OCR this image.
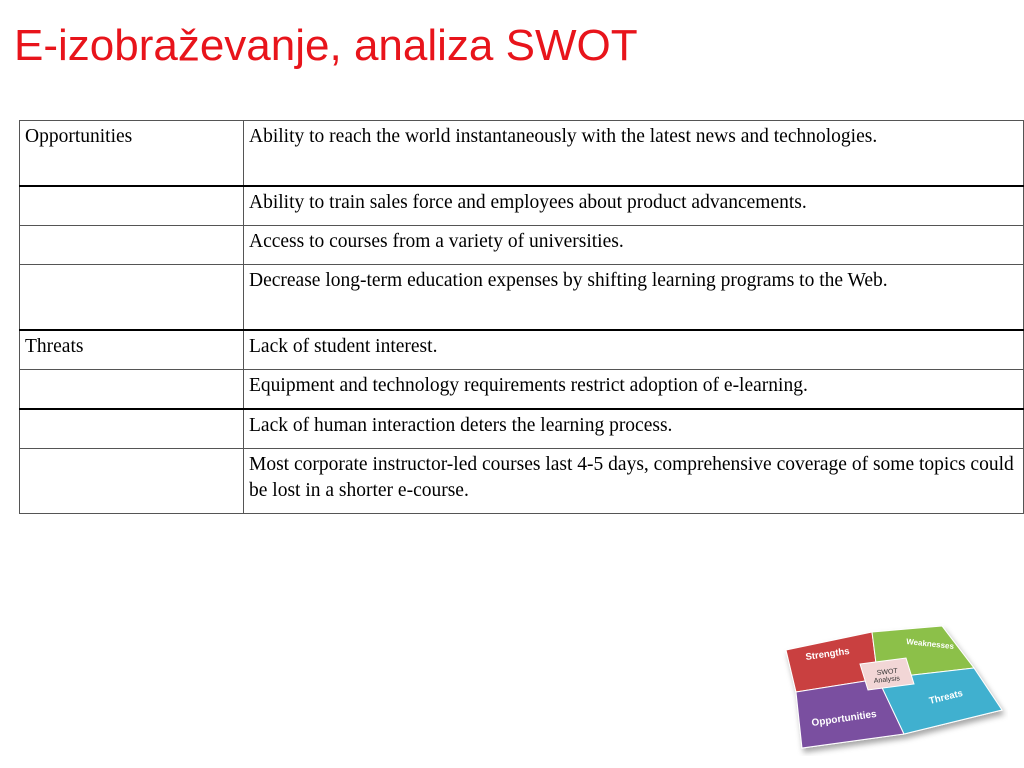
E-izobraževanje, analiza SWOT
Opportunities	Ability to reach the world instantaneously with the latest news and technologies.
	Ability to train sales force and employees about product advancements.
	Access to courses from a variety of universities.
	Decrease long-term education expenses by shifting learning programs to the Web.
Threats	Lack of student interest.
	Equipment and technology requirements restrict adoption of e-learning.
	Lack of human interaction deters the learning process.
	Most corporate instructor-led courses last 4-5 days, comprehensive coverage of some topics could be lost in a shorter e-course.
Strengths
Weaknesses
Opportunities
Threats
SWOT
Analysis
